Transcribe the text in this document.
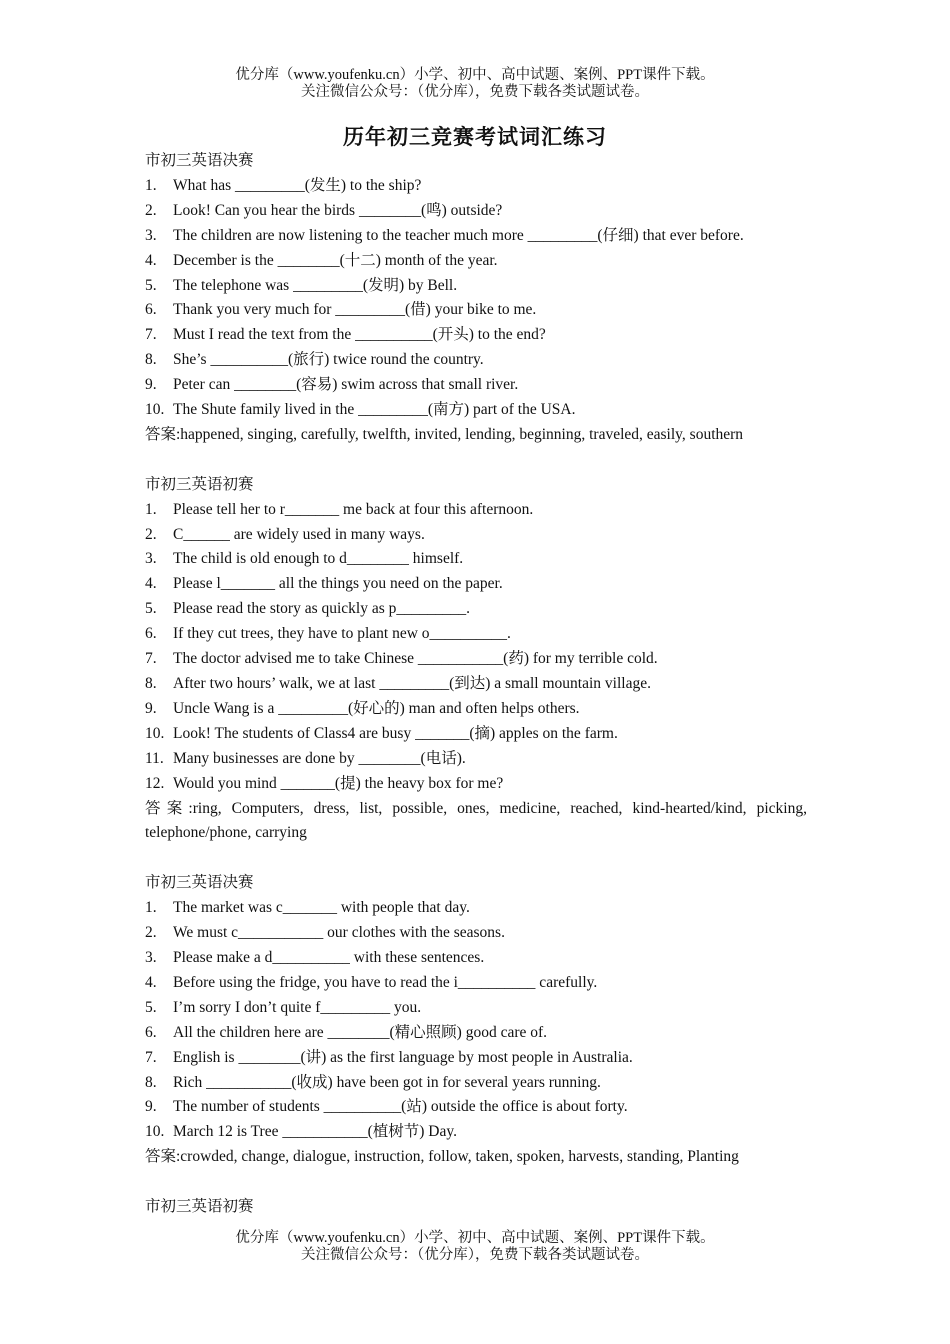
优分库（www.youfenku.cn）小学、初中、高中试题、案例、PPT课件下载。
关注微信公众号：（优分库），免费下载各类试题试卷。
历年初三竞赛考试词汇练习
市初三英语决赛
1.	What has _________(发生) to the ship?
2.	Look! Can you hear the birds ________(鸣) outside?
3.	The children are now listening to the teacher much more _________(仔细) that ever before.
4.	December is the ________(十二) month of the year.
5.	The telephone was _________(发明) by Bell.
6.	Thank you very much for _________(借) your bike to me.
7.	Must I read the text from the __________(开头) to the end?
8.	She’s __________(旅行) twice round the country.
9.	Peter can ________(容易) swim across that small river.
10. The Shute family lived in the _________(南方) part of the USA.
答案:happened, singing, carefully, twelfth, invited, lending, beginning, traveled, easily, southern
市初三英语初赛
1.	Please tell her to r_______ me back at four this afternoon.
2.	C______ are widely used in many ways.
3.	The child is old enough to d________ himself.
4.	Please l_______ all the things you need on the paper.
5.	Please read the story as quickly as p_________.
6.	If they cut trees, they have to plant new o__________.
7.	The doctor advised me to take Chinese ___________(药) for my terrible cold.
8.	After two hours’ walk, we at last _________(到达) a small mountain village.
9.	Uncle Wang is a _________(好心的) man and often helps others.
10. Look! The students of Class4 are busy _______(摘) apples on the farm.
11. Many businesses are done by ________(电话).
12. Would you mind _______(提) the heavy box for me?
答案:ring, Computers, dress, list, possible, ones, medicine, reached, kind-hearted/kind, picking, telephone/phone, carrying
市初三英语决赛
1.	The market was c_______ with people that day.
2.	We must c___________ our clothes with the seasons.
3.	Please make a d__________ with these sentences.
4.	Before using the fridge, you have to read the i__________ carefully.
5.	I’m sorry I don’t quite f_________ you.
6.	All the children here are ________(精心照顾) good care of.
7.	English is ________(讲) as the first language by most people in Australia.
8.	Rich ___________(收成) have been got in for several years running.
9.	The number of students __________(站) outside the office is about forty.
10. March 12 is Tree ___________(植树节) Day.
答案:crowded, change, dialogue, instruction, follow, taken, spoken, harvests, standing, Planting
市初三英语初赛
优分库（www.youfenku.cn）小学、初中、高中试题、案例、PPT课件下载。
关注微信公众号：（优分库），免费下载各类试题试卷。
